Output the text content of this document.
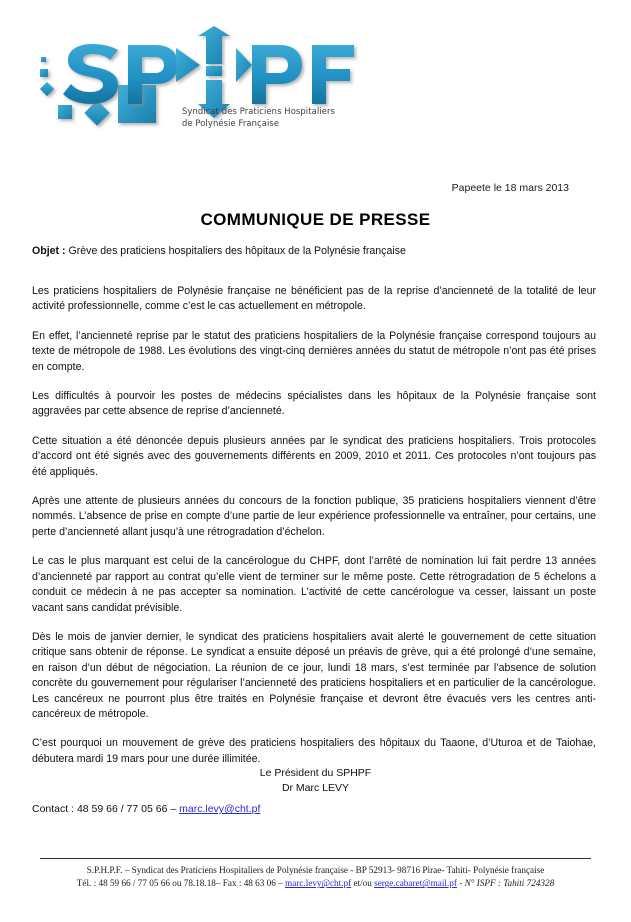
Syndicat des Praticiens Hospitaliers
de Polynésie Française
Papeete le 18 mars 2013
COMMUNIQUE DE PRESSE
Objet : Grève des praticiens hospitaliers des hôpitaux de la Polynésie française

Les praticiens hospitaliers de Polynésie française ne bénéficient pas de la reprise d’ancienneté de la totalité de leur activité professionnelle, comme c’est le cas actuellement en métropole.

En effet, l’ancienneté reprise par le statut des praticiens hospitaliers de la Polynésie française correspond toujours au texte de métropole de 1988. Les évolutions des vingt-cinq dernières années du statut de métropole n’ont pas été prises en compte.

Les difficultés à pourvoir les postes de médecins spécialistes dans les hôpitaux de la Polynésie française sont aggravées par cette absence de reprise d’ancienneté.

Cette situation a été dénoncée depuis plusieurs années par le syndicat des praticiens hospitaliers. Trois protocoles d’accord ont été signés avec des gouvernements différents en 2009, 2010 et 2011. Ces protocoles n’ont toujours pas été appliqués.

Après une attente de plusieurs années du concours de la fonction publique, 35 praticiens hospitaliers viennent d’être nommés. L’absence de prise en compte d’une partie de leur expérience professionnelle va entraîner, pour certains, une perte d’ancienneté allant jusqu’à une rétrogradation d’échelon.

Le cas le plus marquant est celui de la cancérologue du CHPF, dont l’arrêté de nomination lui fait perdre 13 années d’ancienneté par rapport au contrat qu’elle vient de terminer sur le même poste. Cette rétrogradation de 5 échelons a conduit ce médecin à ne pas accepter sa nomination. L’activité de cette cancérologue va cesser, laissant un poste vacant sans candidat prévisible.

Dès le mois de janvier dernier, le syndicat des praticiens hospitaliers avait alerté le gouvernement de cette situation critique sans obtenir de réponse. Le syndicat a ensuite déposé un préavis de grève, qui a été prolongé d’une semaine, en raison d’un début de négociation. La réunion de ce jour, lundi 18 mars, s’est terminée par l’absence de solution concrète du gouvernement pour régulariser l’ancienneté des praticiens hospitaliers et en particulier de la cancérologue. Les cancéreux ne pourront plus être traités en Polynésie française et devront être évacués vers les centres anti-cancéreux de métropole.

C’est pourquoi un mouvement de grève des praticiens hospitaliers des hôpitaux du Taaone, d’Uturoa et de Taiohae, débutera mardi 19 mars pour une durée illimitée.

Le Président du SPHPF
Dr Marc LEVY
Contact : 48 59 66 / 77 05 66 – marc.levy@cht.pf
S.P.H.P.F. – Syndicat des Praticiens Hospitaliers de Polynésie française - BP 52913- 98716 Pirae- Tahiti- Polynésie française
Tél. : 48 59 66 / 77 05 66 ou 78.18.18– Fax : 48 63 06 – marc.levy@cht.pf et/ou serge.cabaret@mail.pf - N° ISPF : Tahiti 724328
